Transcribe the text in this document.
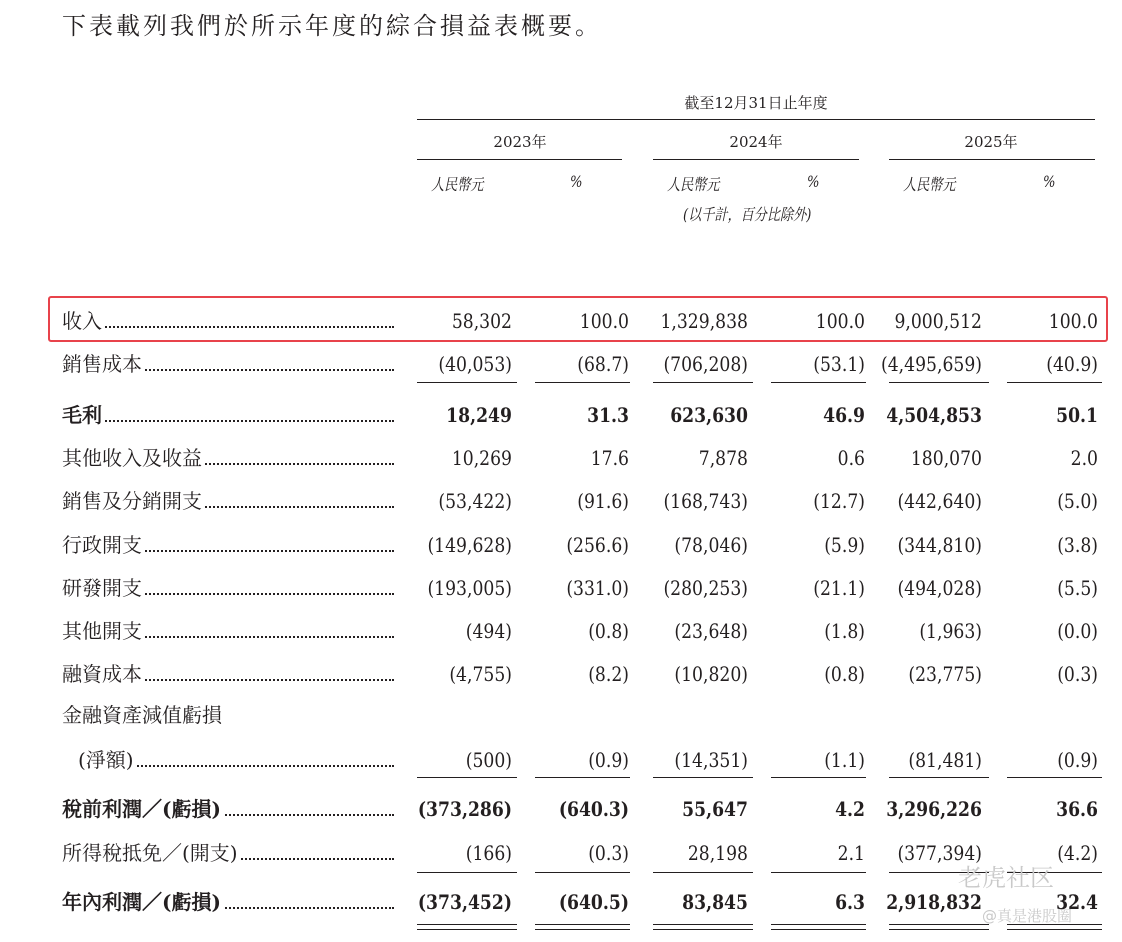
下表載列我們於所示年度的綜合損益表概要。
截至12月31日止年度
2023年	2024年	2025年
人民幣元	%	人民幣元	%	人民幣元	%
(以千計，百分比除外)
收入	58,302	100.0	1,329,838	100.0	9,000,512	100.0
銷售成本	(40,053)	(68.7)	(706,208)	(53.1) (4,495,659)	(40.9)
毛利	18,249	31.3	623,630	46.9	4,504,853	50.1
其他收入及收益	10,269	17.6	7,878	0.6	180,070	2.0
銷售及分銷開支	(53,422)	(91.6)	(168,743)	(12.7)	(442,640)	(5.0)
行政開支	(149,628)	(256.6)	(78,046)	(5.9)	(344,810)	(3.8)
研發開支	(193,005)	(331.0)	(280,253)	(21.1)	(494,028)	(5.5)
其他開支	(494)	(0.8)	(23,648)	(1.8)	(1,963)	(0.0)
融資成本	(4,755)	(8.2)	(10,820)	(0.8)	(23,775)	(0.3)
金融資產減值虧損
(淨額)	(500)	(0.9)	(14,351)	(1.1)	(81,481)	(0.9)
稅前利潤／(虧損)	(373,286)	(640.3)	55,647	4.2	3,296,226	36.6
所得稅抵免／(開支)	(166)	(0.3)	28,198	2.1	(377,394)	(4.2)
年內利潤／(虧損)	(373,452)	(640.5)	83,845	6.3	2,918,832	32.4
老虎社区
@真是港股圈
